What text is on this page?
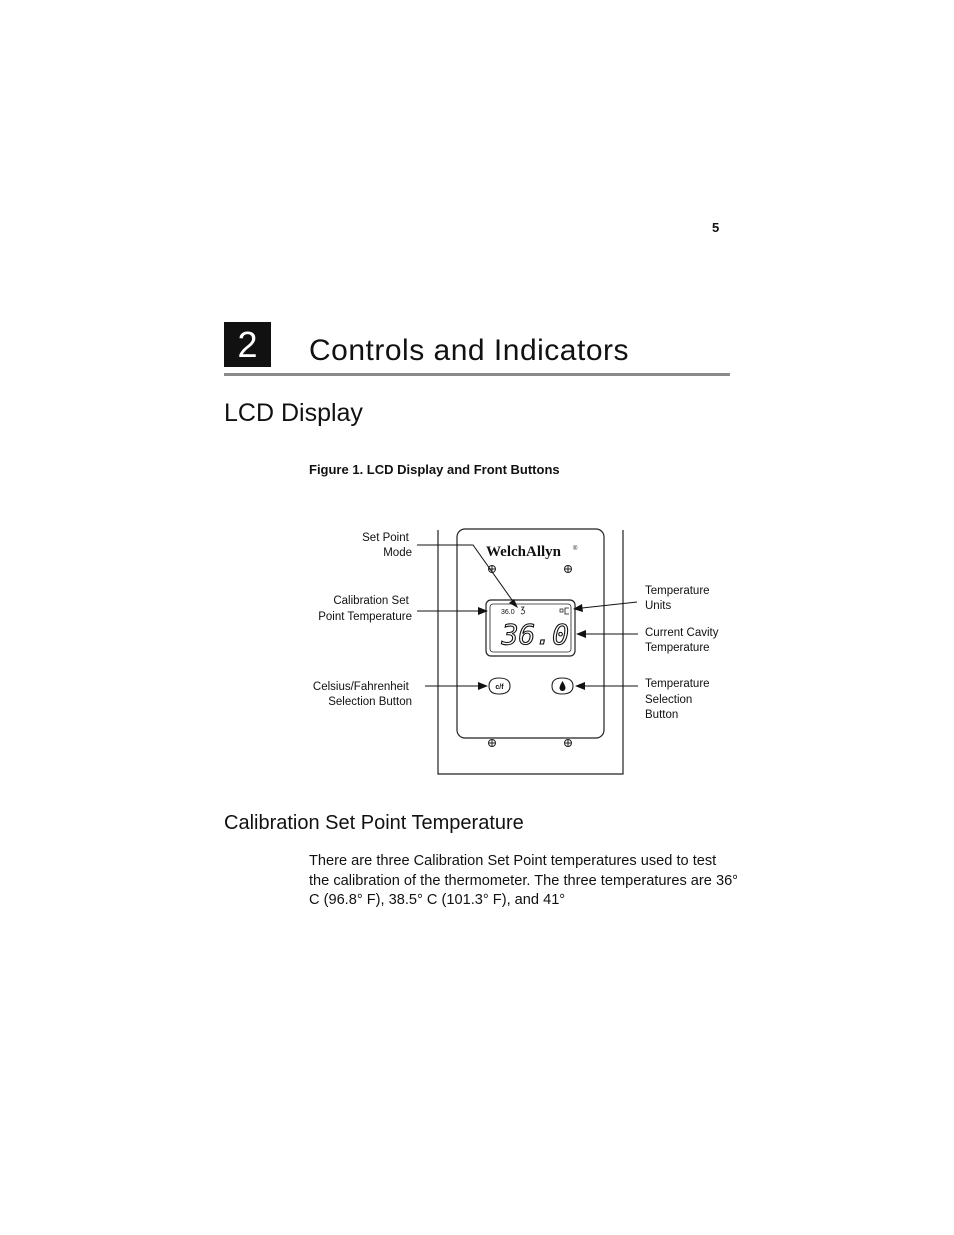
5
2	Controls and Indicators
LCD Display
Figure 1. LCD Display and Front Buttons
WelchAllyn ®
36.0
36.0
c/f
Set Point Mode
Calibration Set Point Temperature
Celsius/Fahrenheit Selection Button
Temperature Units
Current Cavity Temperature
Temperature Selection Button
Calibration Set Point Temperature
There are three Calibration Set Point temperatures used to test the calibration of the thermometer. The three temperatures are 36° C (96.8° F), 38.5° C (101.3° F), and 41°
